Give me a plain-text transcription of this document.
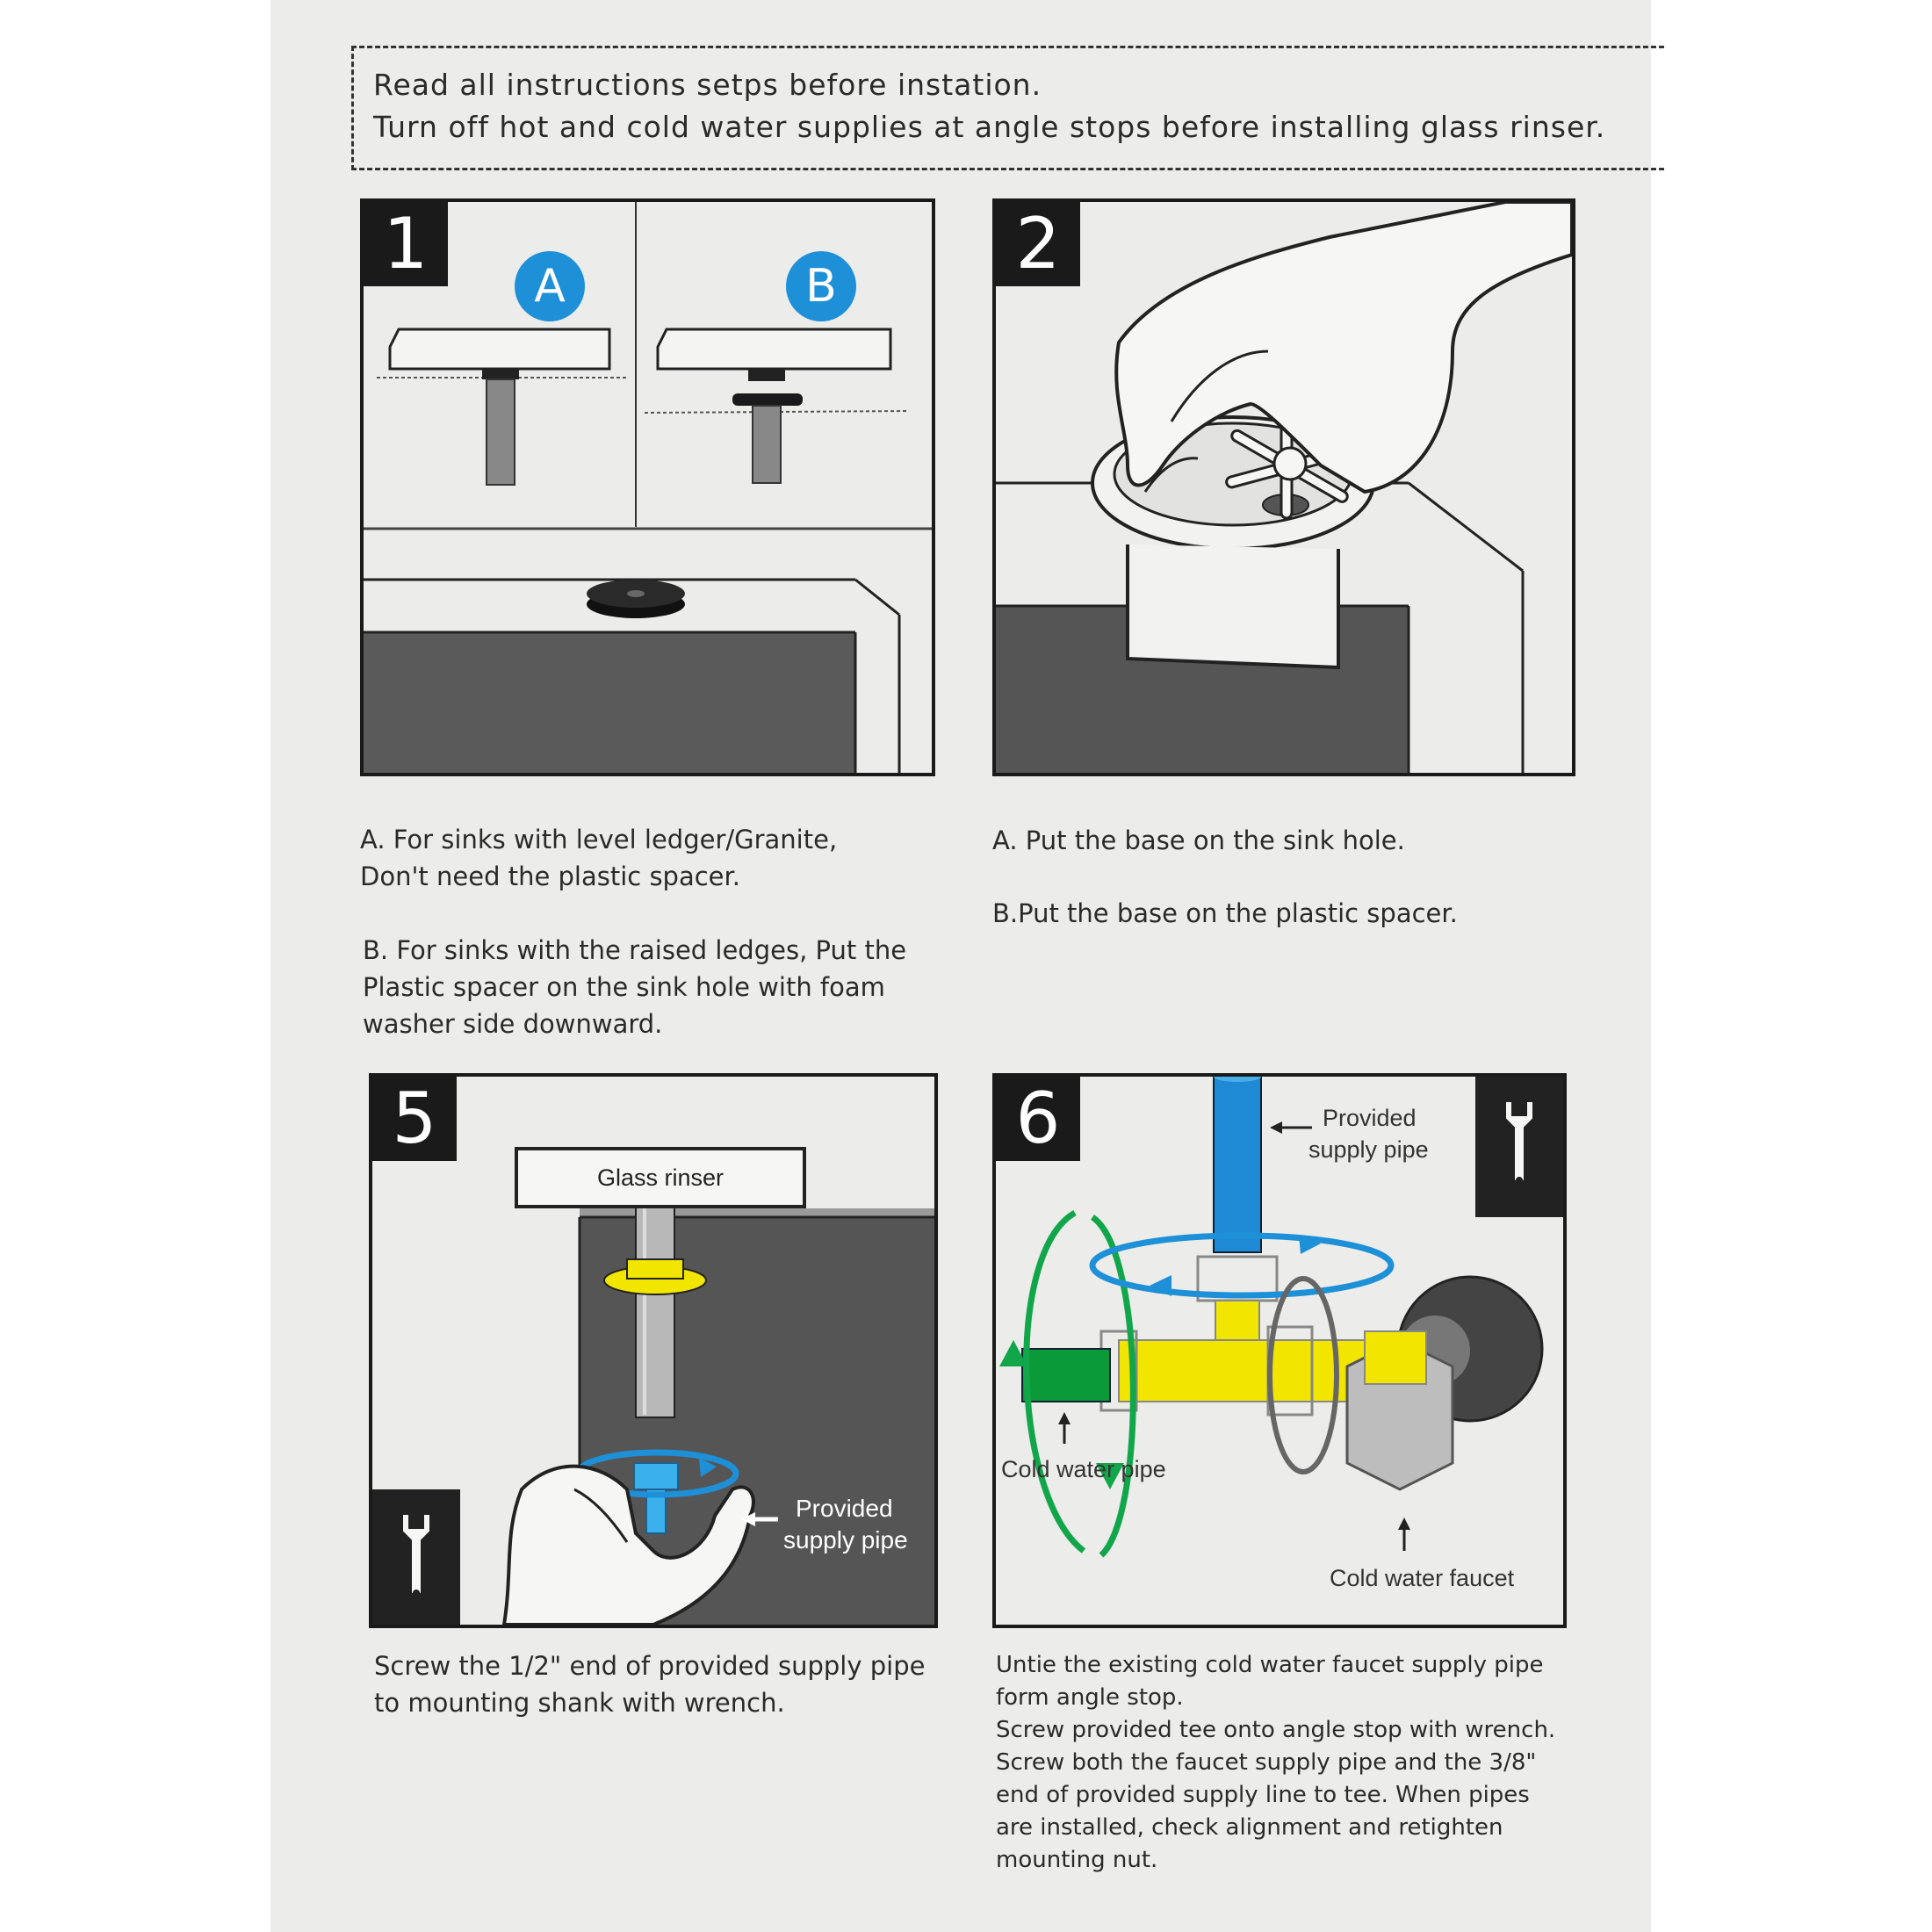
Read all instructions setps before instation.
Turn off hot and cold water supplies at angle stops before installing glass rinser.
1
A	B
2
A. For sinks with level ledger/Granite,
Don't need the plastic spacer.
B. For sinks with the raised ledges, Put the
Plastic spacer on the sink hole with foam
washer side downward.
A. Put the base on the sink hole.
B.Put the base on the plastic spacer.
5
Glass rinser
Provided
supply pipe
6	Provided
supply pipe
Cold water pipe
Cold water faucet
Screw the 1/2" end of provided supply pipe
to mounting shank with wrench.
Untie the existing cold water faucet supply pipe
form angle stop.
Screw provided tee onto angle stop with wrench.
Screw both the faucet supply pipe and the 3/8"
end of provided supply line to tee. When pipes
are installed, check alignment and retighten
mounting nut.
